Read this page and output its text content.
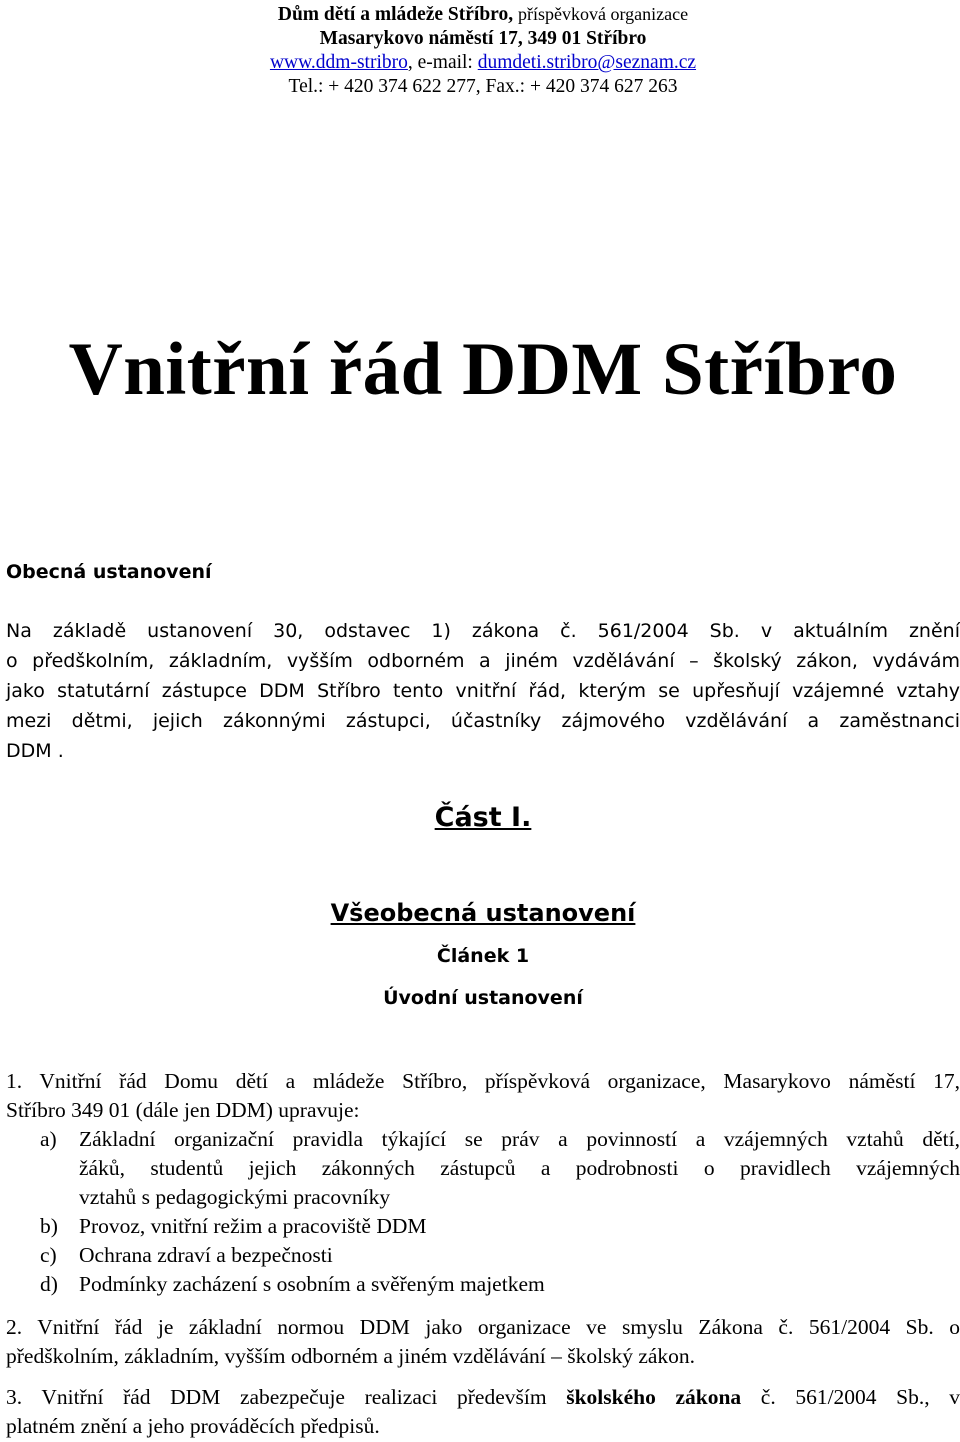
Dům dětí a mládeže Stříbro, příspěvková organizace
Masarykovo náměstí 17, 349 01 Stříbro
www.ddm-stribro, e-mail: dumdeti.stribro@seznam.cz
Tel.: + 420 374 622 277, Fax.: + 420 374 627 263
Vnitřní řád DDM Stříbro
Obecná ustanovení

Na základě ustanovení 30, odstavec 1) zákona č. 561/2004 Sb. v aktuálním znění
o předškolním, základním, vyšším odborném a jiném vzdělávání – školský zákon, vydávám
jako statutární zástupce DDM Stříbro tento vnitřní řád, kterým se upřesňují vzájemné vztahy
mezi dětmi, jejich zákonnými zástupci, účastníky zájmového vzdělávání a zaměstnanci
DDM .

Část I.
Všeobecná ustanovení
Článek 1
Úvodní ustanovení

1. Vnitřní řád Domu dětí a mládeže Stříbro, příspěvková organizace, Masarykovo náměstí 17,
Stříbro 349 01 (dále jen DDM) upravuje:

a) Základní organizační pravidla týkající se práv a povinností a vzájemných vztahů dětí,
žáků, studentů jejich zákonných zástupců a podrobnosti o pravidlech vzájemných
vztahů s pedagogickými pracovníky
b) Provoz, vnitřní režim a pracoviště DDM
c) Ochrana zdraví a bezpečnosti
d) Podmínky zacházení s osobním a svěřeným majetkem

2. Vnitřní řád je základní normou DDM jako organizace ve smyslu Zákona č. 561/2004 Sb. o
předškolním, základním, vyšším odborném a jiném vzdělávání – školský zákon.

3. Vnitřní řád DDM zabezpečuje realizaci především školského zákona č. 561/2004 Sb., v
platném znění a jeho prováděcích předpisů.
